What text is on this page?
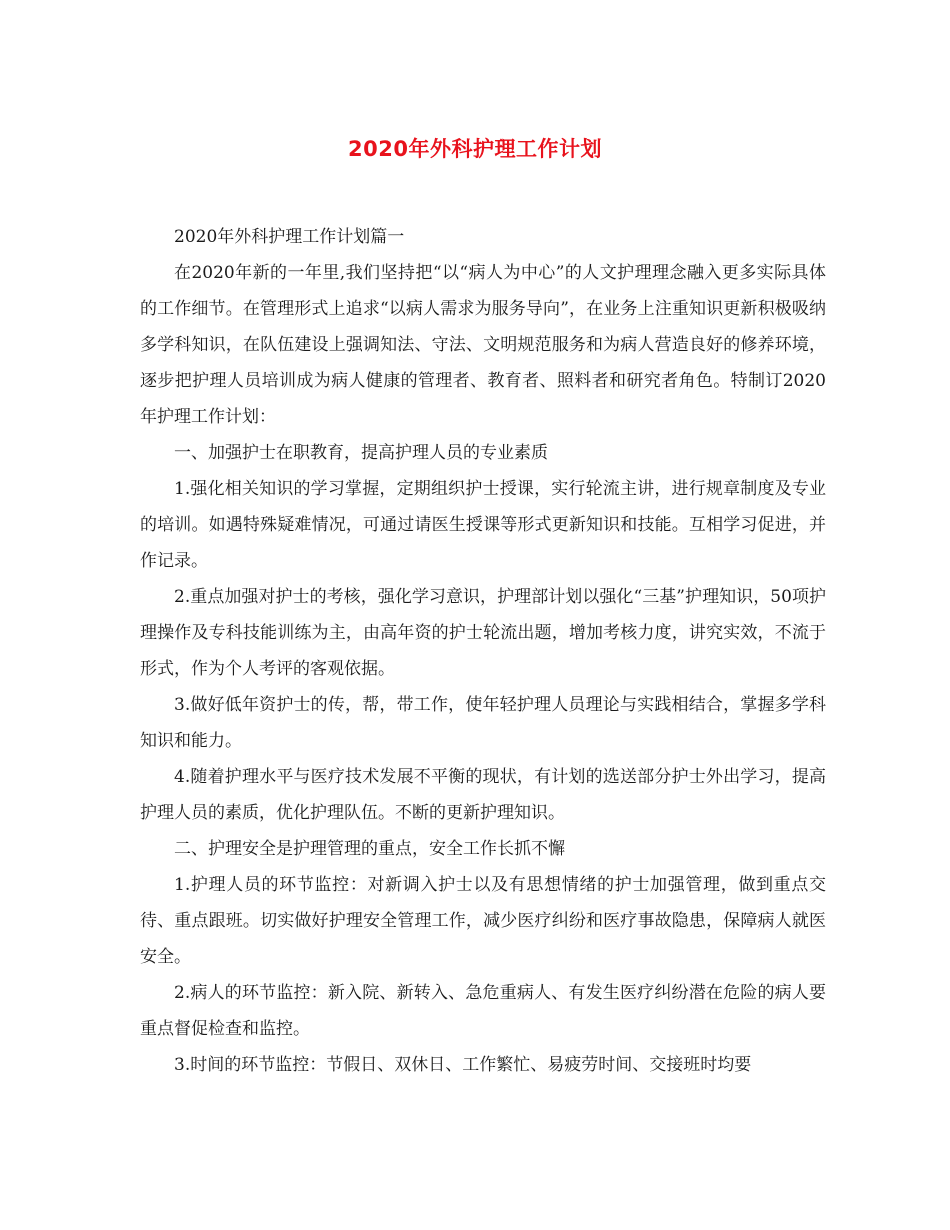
2020年外科护理工作计划

2020年外科护理工作计划篇一

在2020年新的一年里,我们坚持把“以“病人为中心”的人文护理理念融入更多实际具体的工作细节。在管理形式上追求“以病人需求为服务导向”，在业务上注重知识更新积极吸纳多学科知识，在队伍建设上强调知法、守法、文明规范服务和为病人营造良好的修养环境，逐步把护理人员培训成为病人健康的管理者、教育者、照料者和研究者角色。特制订2020年护理工作计划：

一、加强护士在职教育，提高护理人员的专业素质

1.强化相关知识的学习掌握，定期组织护士授课，实行轮流主讲，进行规章制度及专业的培训。如遇特殊疑难情况，可通过请医生授课等形式更新知识和技能。互相学习促进，并作记录。

2.重点加强对护士的考核，强化学习意识，护理部计划以强化“三基”护理知识，50项护理操作及专科技能训练为主，由高年资的护士轮流出题，增加考核力度，讲究实效，不流于形式，作为个人考评的客观依据。

3.做好低年资护士的传，帮，带工作，使年轻护理人员理论与实践相结合，掌握多学科知识和能力。

4.随着护理水平与医疗技术发展不平衡的现状，有计划的选送部分护士外出学习，提高护理人员的素质，优化护理队伍。不断的更新护理知识。

二、护理安全是护理管理的重点，安全工作长抓不懈

1.护理人员的环节监控：对新调入护士以及有思想情绪的护士加强管理，做到重点交待、重点跟班。切实做好护理安全管理工作，减少医疗纠纷和医疗事故隐患，保障病人就医安全。

2.病人的环节监控：新入院、新转入、急危重病人、有发生医疗纠纷潜在危险的病人要重点督促检查和监控。

3.时间的环节监控：节假日、双休日、工作繁忙、易疲劳时间、交接班时均要
